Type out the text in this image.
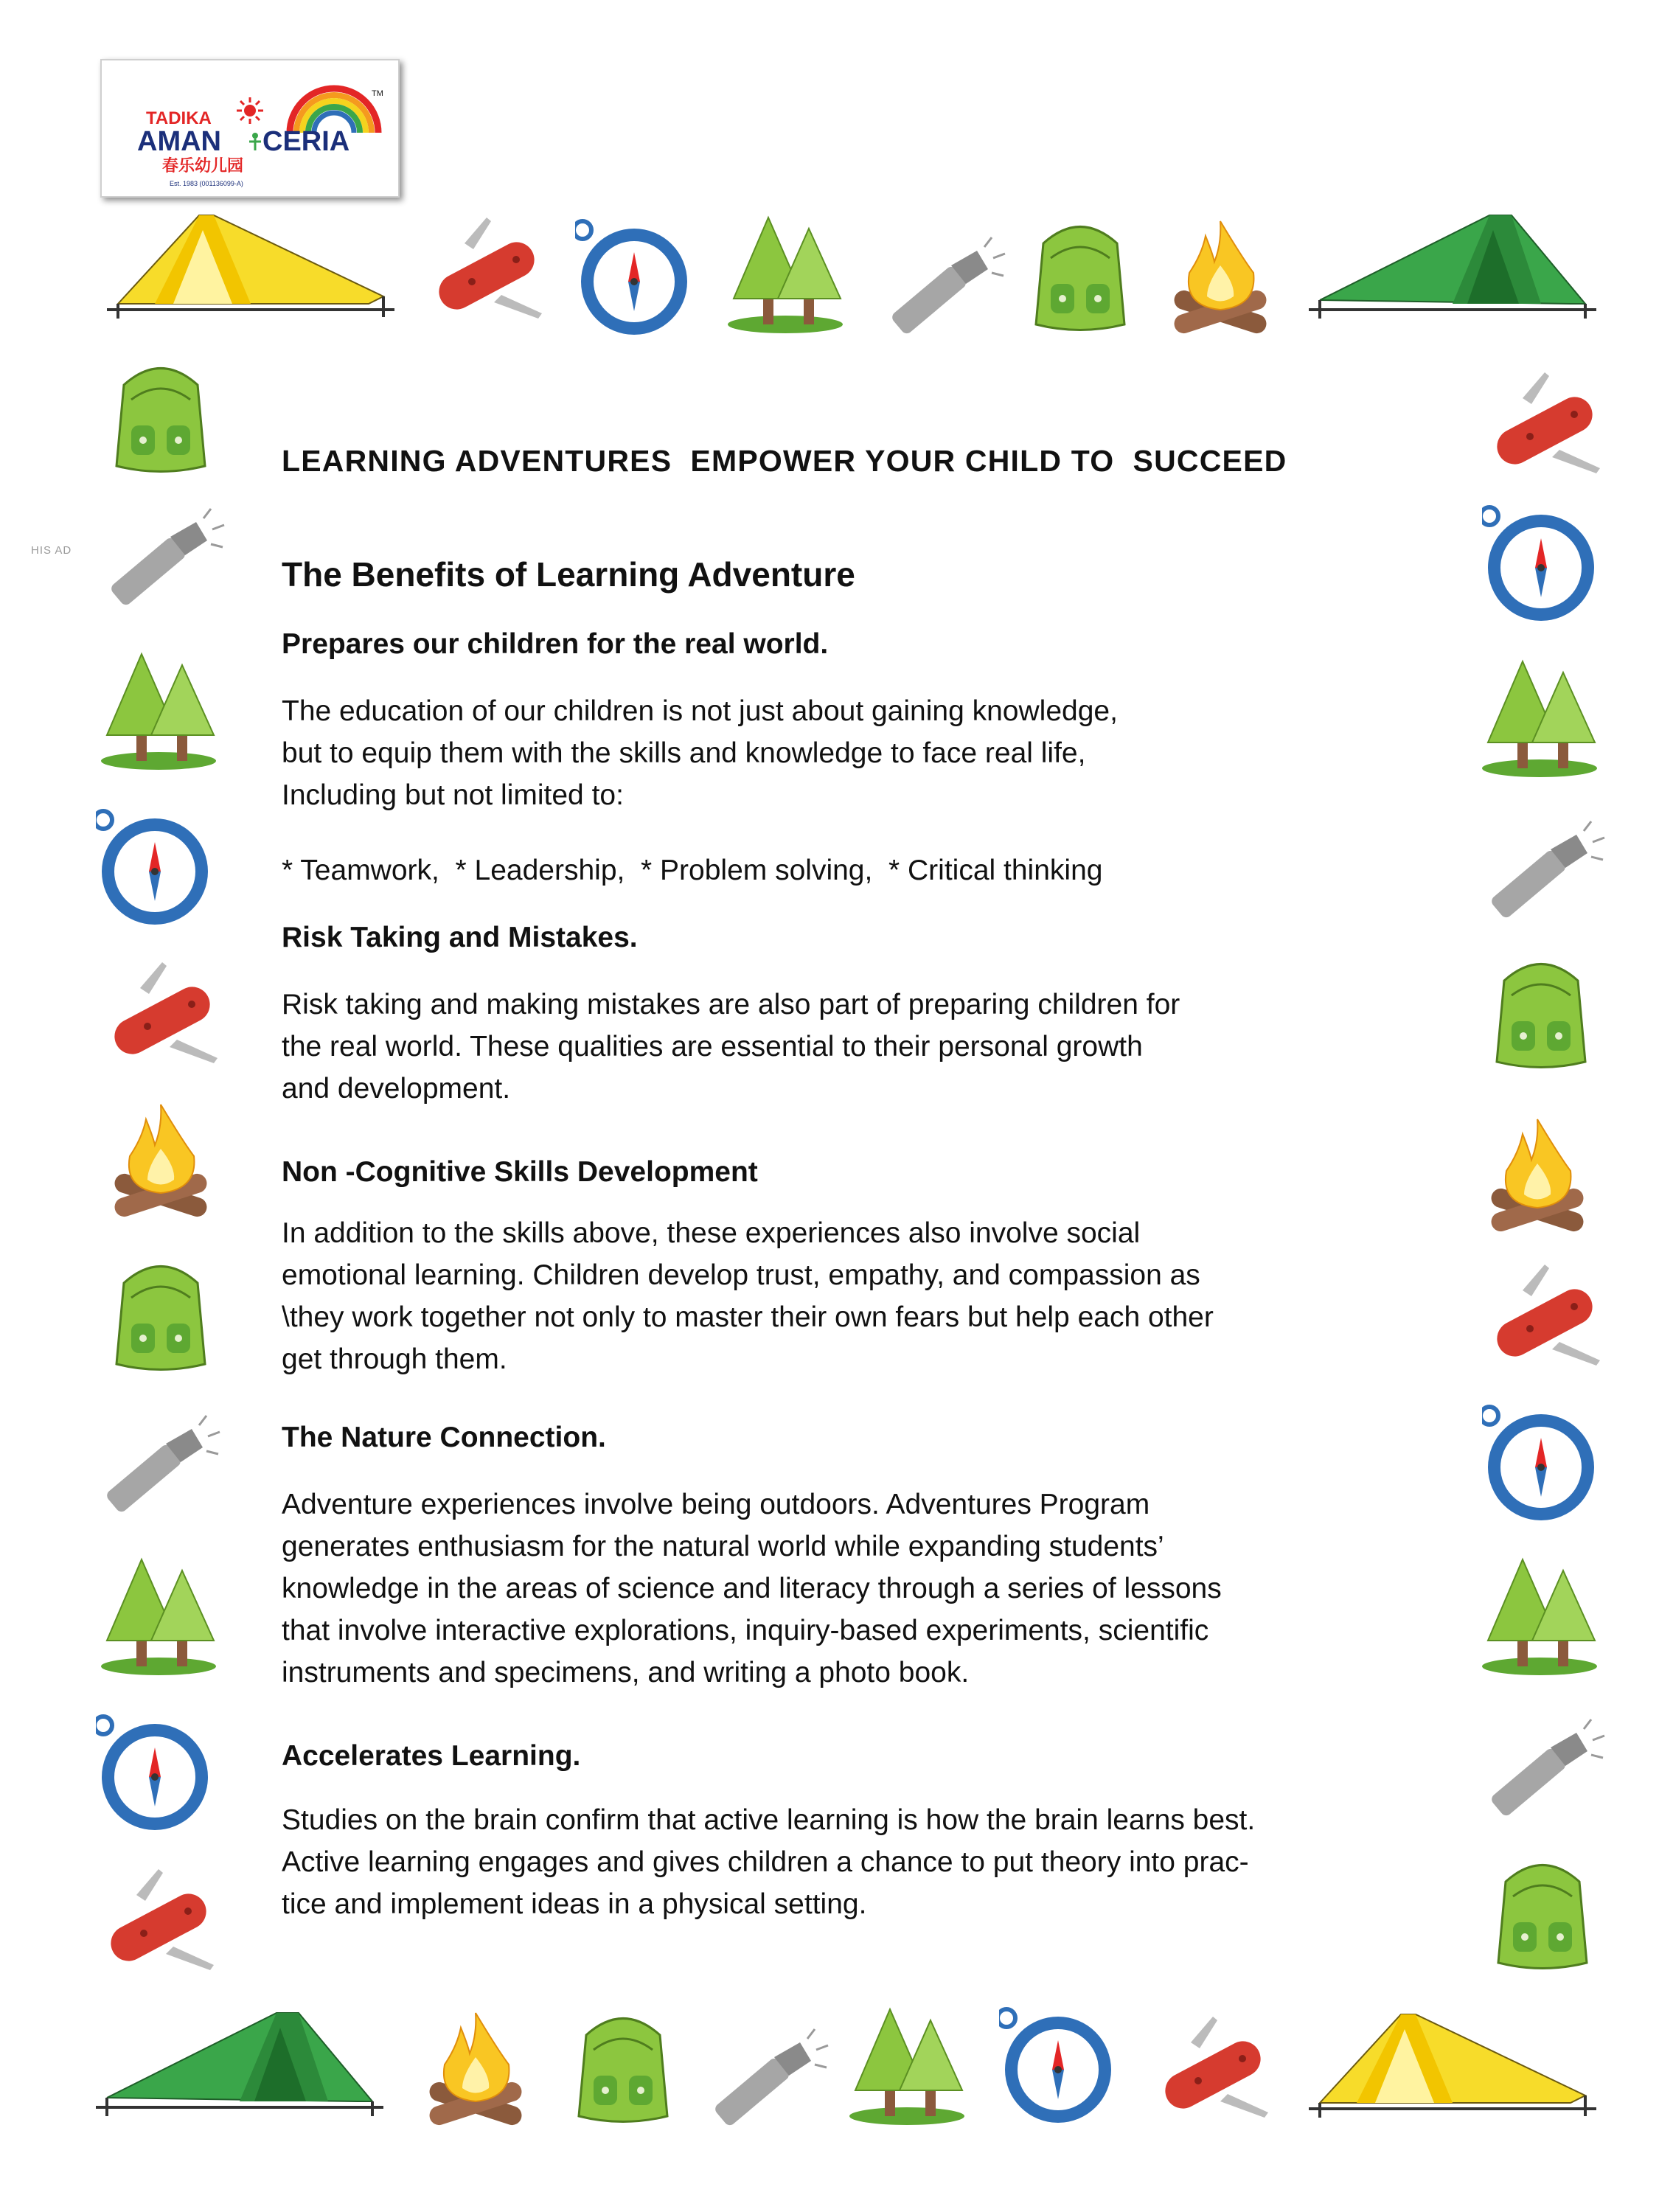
TADIKA
AMAN CERIA
春乐幼儿园
Est. 1983 (001136099-A)
TM
HIS AD
LEARNING ADVENTURES  EMPOWER YOUR CHILD TO  SUCCEED
The Benefits of Learning Adventure
Prepares our children for the real world.

The education of our children is not just about gaining knowledge,
but to equip them with the skills and knowledge to face real life,
Including but not limited to:

* Teamwork,  * Leadership,  * Problem solving,  * Critical thinking

Risk Taking and Mistakes.

Risk taking and making mistakes are also part of preparing children for
the real world. These qualities are essential to their personal growth
and development.

Non -Cognitive Skills Development

In addition to the skills above, these experiences also involve social
emotional learning. Children develop trust, empathy, and compassion as
\they work together not only to master their own fears but help each other
get through them.

The Nature Connection.

Adventure experiences involve being outdoors. Adventures Program
generates enthusiasm for the natural world while expanding students’
knowledge in the areas of science and literacy through a series of lessons
that involve interactive explorations, inquiry-based experiments, scientific
instruments and specimens, and writing a photo book.

Accelerates Learning.

Studies on the brain confirm that active learning is how the brain learns best.
Active learning engages and gives children a chance to put theory into prac-
tice and implement ideas in a physical setting.
